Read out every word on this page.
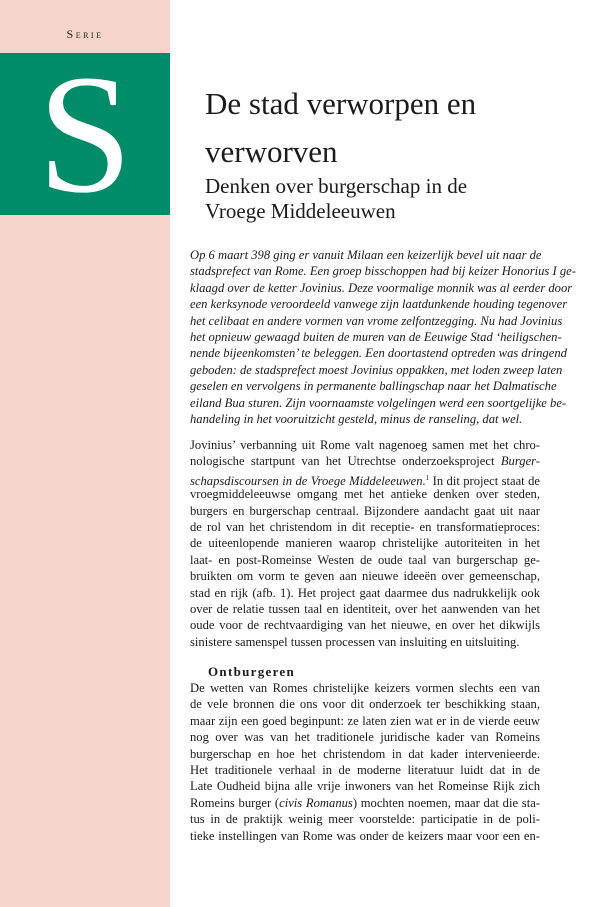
Serie
S	De stad verworpen en
verworven
Denken over burgerschap in de
Vroege Middeleeuwen
Op 6 maart 398 ging er vanuit Milaan een keizerlijk bevel uit naar de
stadsprefect van Rome. Een groep bisschoppen had bij keizer Honorius I ge-
klaagd over de ketter Jovinius. Deze voormalige monnik was al eerder door
een kerksynode veroordeeld vanwege zijn laatdunkende houding tegenover
het celibaat en andere vormen van vrome zelfontzegging. Nu had Jovinius
het opnieuw gewaagd buiten de muren van de Eeuwige Stad ‘heiligschen-
nende bijeenkomsten’ te beleggen. Een doortastend optreden was dringend
geboden: de stadsprefect moest Jovinius oppakken, met loden zweep laten
geselen en vervolgens in permanente ballingschap naar het Dalmatische
eiland Bua sturen. Zijn voornaamste volgelingen werd een soortgelijke be-
handeling in het vooruitzicht gesteld, minus de ranseling, dat wel.
Jovinius’ verbanning uit Rome valt nagenoeg samen met het chro-
nologische startpunt van het Utrechtse onderzoeksproject Burger-
schapsdiscoursen in de Vroege Middeleeuwen.$^1$ In dit project staat de
vroegmiddeleeuwse omgang met het antieke denken over steden,
burgers en burgerschap centraal. Bijzondere aandacht gaat uit naar
de rol van het christendom in dit receptie- en transformatieproces:
de uiteenlopende manieren waarop christelijke autoriteiten in het
laat- en post-Romeinse Westen de oude taal van burgerschap ge-
bruikten om vorm te geven aan nieuwe ideeën over gemeenschap,
stad en rijk (afb. 1). Het project gaat daarmee dus nadrukkelijk ook
over de relatie tussen taal en identiteit, over het aanwenden van het
oude voor de rechtvaardiging van het nieuwe, en over het dikwijls
sinistere samenspel tussen processen van insluiting en uitsluiting.
Ontburgeren
De wetten van Romes christelijke keizers vormen slechts een van
de vele bronnen die ons voor dit onderzoek ter beschikking staan,
maar zijn een goed beginpunt: ze laten zien wat er in de vierde eeuw
nog over was van het traditionele juridische kader van Romeins
burgerschap en hoe het christendom in dat kader intervenieerde.
Het traditionele verhaal in de moderne literatuur luidt dat in de
Late Oudheid bijna alle vrije inwoners van het Romeinse Rijk zich
Romeins burger (civis Romanus) mochten noemen, maar dat die sta-
tus in de praktijk weinig meer voorstelde: participatie in de poli-
tieke instellingen van Rome was onder de keizers maar voor een en-
